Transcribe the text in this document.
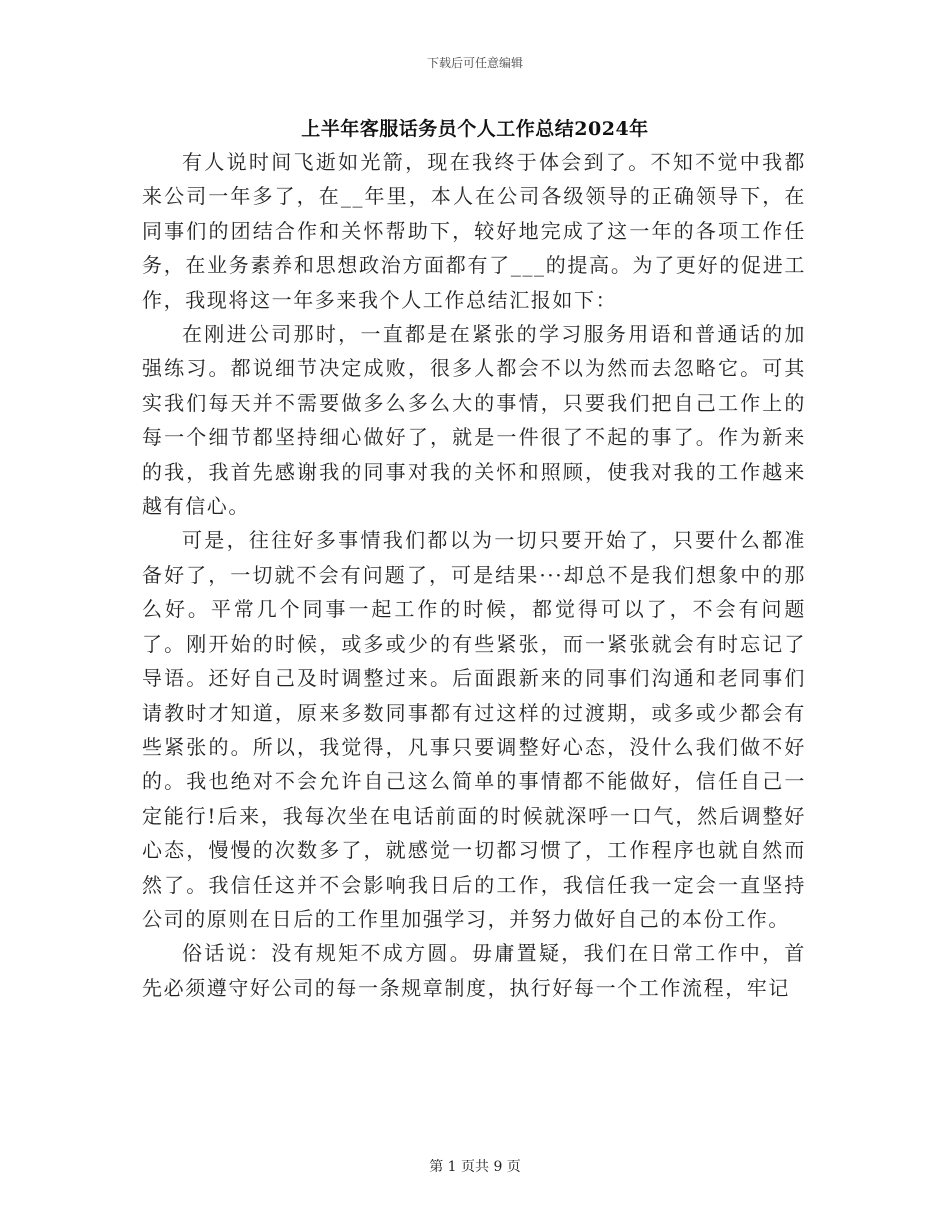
下载后可任意编辑
上半年客服话务员个人工作总结2024年

有人说时间飞逝如光箭，现在我终于体会到了。不知不觉中我都来公司一年多了，在__年里，本人在公司各级领导的正确领导下，在同事们的团结合作和关怀帮助下，较好地完成了这一年的各项工作任务，在业务素养和思想政治方面都有了___的提高。为了更好的促进工作，我现将这一年多来我个人工作总结汇报如下：

在刚进公司那时，一直都是在紧张的学习服务用语和普通话的加强练习。都说细节决定成败，很多人都会不以为然而去忽略它。可其实我们每天并不需要做多么多么大的事情，只要我们把自己工作上的每一个细节都坚持细心做好了，就是一件很了不起的事了。作为新来的我，我首先感谢我的同事对我的关怀和照顾，使我对我的工作越来越有信心。

可是，往往好多事情我们都以为一切只要开始了，只要什么都准备好了，一切就不会有问题了，可是结果···却总不是我们想象中的那么好。平常几个同事一起工作的时候，都觉得可以了，不会有问题了。刚开始的时候，或多或少的有些紧张，而一紧张就会有时忘记了导语。还好自己及时调整过来。后面跟新来的同事们沟通和老同事们请教时才知道，原来多数同事都有过这样的过渡期，或多或少都会有些紧张的。所以，我觉得，凡事只要调整好心态，没什么我们做不好的。我也绝对不会允许自己这么简单的事情都不能做好，信任自己一定能行!后来，我每次坐在电话前面的时候就深呼一口气，然后调整好心态，慢慢的次数多了，就感觉一切都习惯了，工作程序也就自然而然了。我信任这并不会影响我日后的工作，我信任我一定会一直坚持公司的原则在日后的工作里加强学习，并努力做好自己的本份工作。

俗话说：没有规矩不成方圆。毋庸置疑，我们在日常工作中，首先必须遵守好公司的每一条规章制度，执行好每一个工作流程，牢记

第 1 页共 9 页
